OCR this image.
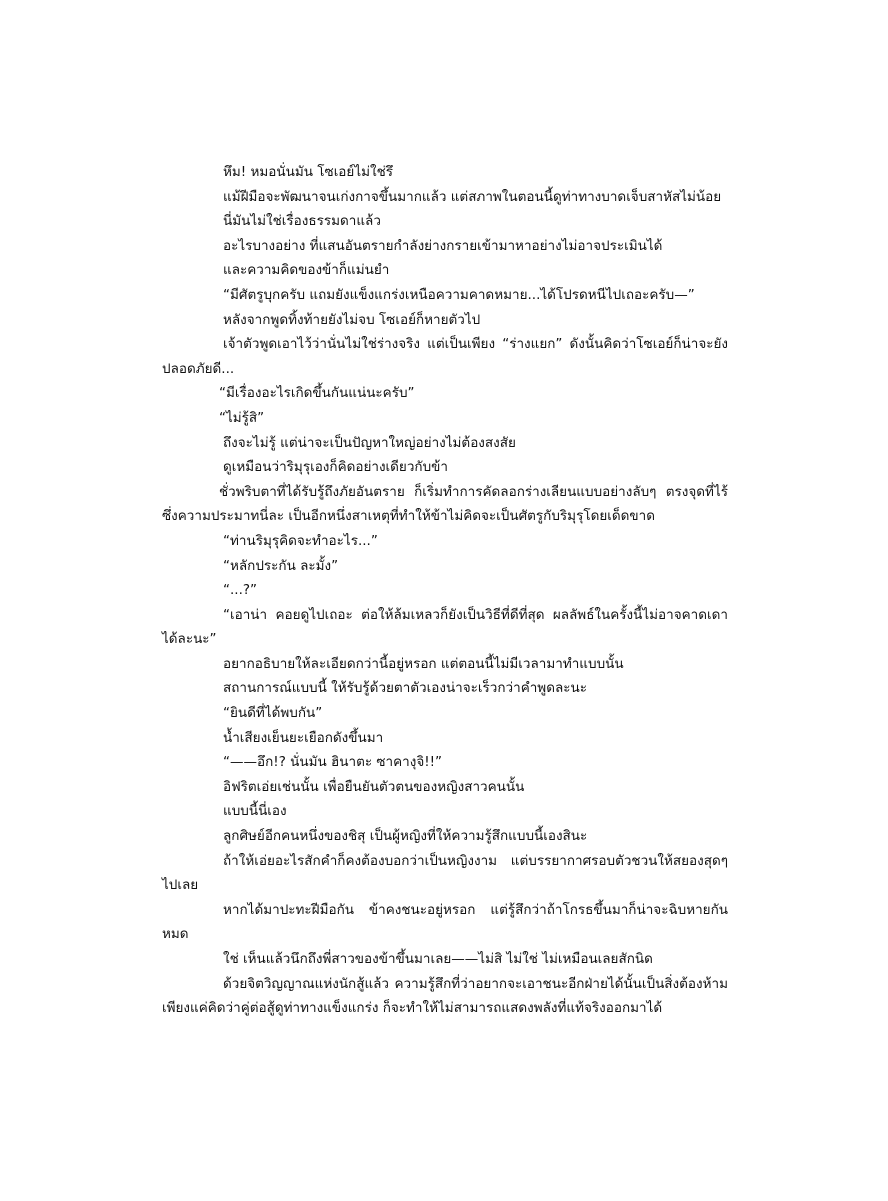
หึม! หมอนั่นมัน โซเอย์ไม่ใช่รึ

แม้ฝีมือจะพัฒนาจนเก่งกาจขึ้นมากแล้ว แต่สภาพในตอนนี้ดูท่าทางบาดเจ็บสาหัสไม่น้อย

นี่มันไม่ใช่เรื่องธรรมดาแล้ว

อะไรบางอย่าง ที่แสนอันตรายกำลังย่างกรายเข้ามาหาอย่างไม่อาจประเมินได้

และความคิดของข้าก็แม่นยำ

“มีศัตรูบุกครับ แถมยังแข็งแกร่งเหนือความคาดหมาย...ได้โปรดหนีไปเถอะครับ—”

หลังจากพูดทิ้งท้ายยังไม่จบ โซเอย์ก็หายตัวไป

เจ้าตัวพูดเอาไว้ว่านั่นไม่ใช่ร่างจริง แต่เป็นเพียง “ร่างแยก” ดังนั้นคิดว่าโซเอย์ก็น่าจะยังปลอดภัยดี...

“มีเรื่องอะไรเกิดขึ้นกันแน่นะครับ”

“ไม่รู้สิ”

ถึงจะไม่รู้ แต่น่าจะเป็นปัญหาใหญ่อย่างไม่ต้องสงสัย

ดูเหมือนว่าริมุรุเองก็คิดอย่างเดียวกับข้า

ชั่วพริบตาที่ได้รับรู้ถึงภัยอันตราย ก็เริ่มทำการคัดลอกร่างเลียนแบบอย่างลับๆ ตรงจุดที่ไร้ซึ่งความประมาทนี่ละ เป็นอีกหนึ่งสาเหตุที่ทำให้ข้าไม่คิดจะเป็นศัตรูกับริมุรุโดยเด็ดขาด

“ท่านริมุรุคิดจะทำอะไร...”

“หลักประกัน ละมั้ง”

“...?”

“เอาน่า คอยดูไปเถอะ ต่อให้ล้มเหลวก็ยังเป็นวิธีที่ดีที่สุด ผลลัพธ์ในครั้งนี้ไม่อาจคาดเดาได้ละนะ”

อยากอธิบายให้ละเอียดกว่านี้อยู่หรอก แต่ตอนนี้ไม่มีเวลามาทำแบบนั้น

สถานการณ์แบบนี้ ให้รับรู้ด้วยตาตัวเองน่าจะเร็วกว่าคำพูดละนะ

“ยินดีที่ได้พบกัน”

น้ำเสียงเย็นยะเยือกดังขึ้นมา

“——อึก!? นั่นมัน ฮินาตะ ซาคางุจิ!!”

อิฟริตเอ่ยเช่นนั้น เพื่อยืนยันตัวตนของหญิงสาวคนนั้น

แบบนี้นี่เอง

ลูกศิษย์อีกคนหนึ่งของชิสุ เป็นผู้หญิงที่ให้ความรู้สึกแบบนี้เองสินะ

ถ้าให้เอ่ยอะไรสักคำก็คงต้องบอกว่าเป็นหญิงงาม แต่บรรยากาศรอบตัวชวนให้สยองสุดๆไปเลย

หากได้มาปะทะฝีมือกัน ข้าคงชนะอยู่หรอก แต่รู้สึกว่าถ้าโกรธขึ้นมาก็น่าจะฉิบหายกันหมด

ใช่ เห็นแล้วนึกถึงพี่สาวของข้าขึ้นมาเลย——ไม่สิ ไม่ใช่ ไม่เหมือนเลยสักนิด

ด้วยจิตวิญญาณแห่งนักสู้แล้ว ความรู้สึกที่ว่าอยากจะเอาชนะอีกฝ่ายได้นั้นเป็นสิ่งต้องห้าม เพียงแค่คิดว่าคู่ต่อสู้ดูท่าทางแข็งแกร่ง ก็จะทำให้ไม่สามารถแสดงพลังที่แท้จริงออกมาได้
